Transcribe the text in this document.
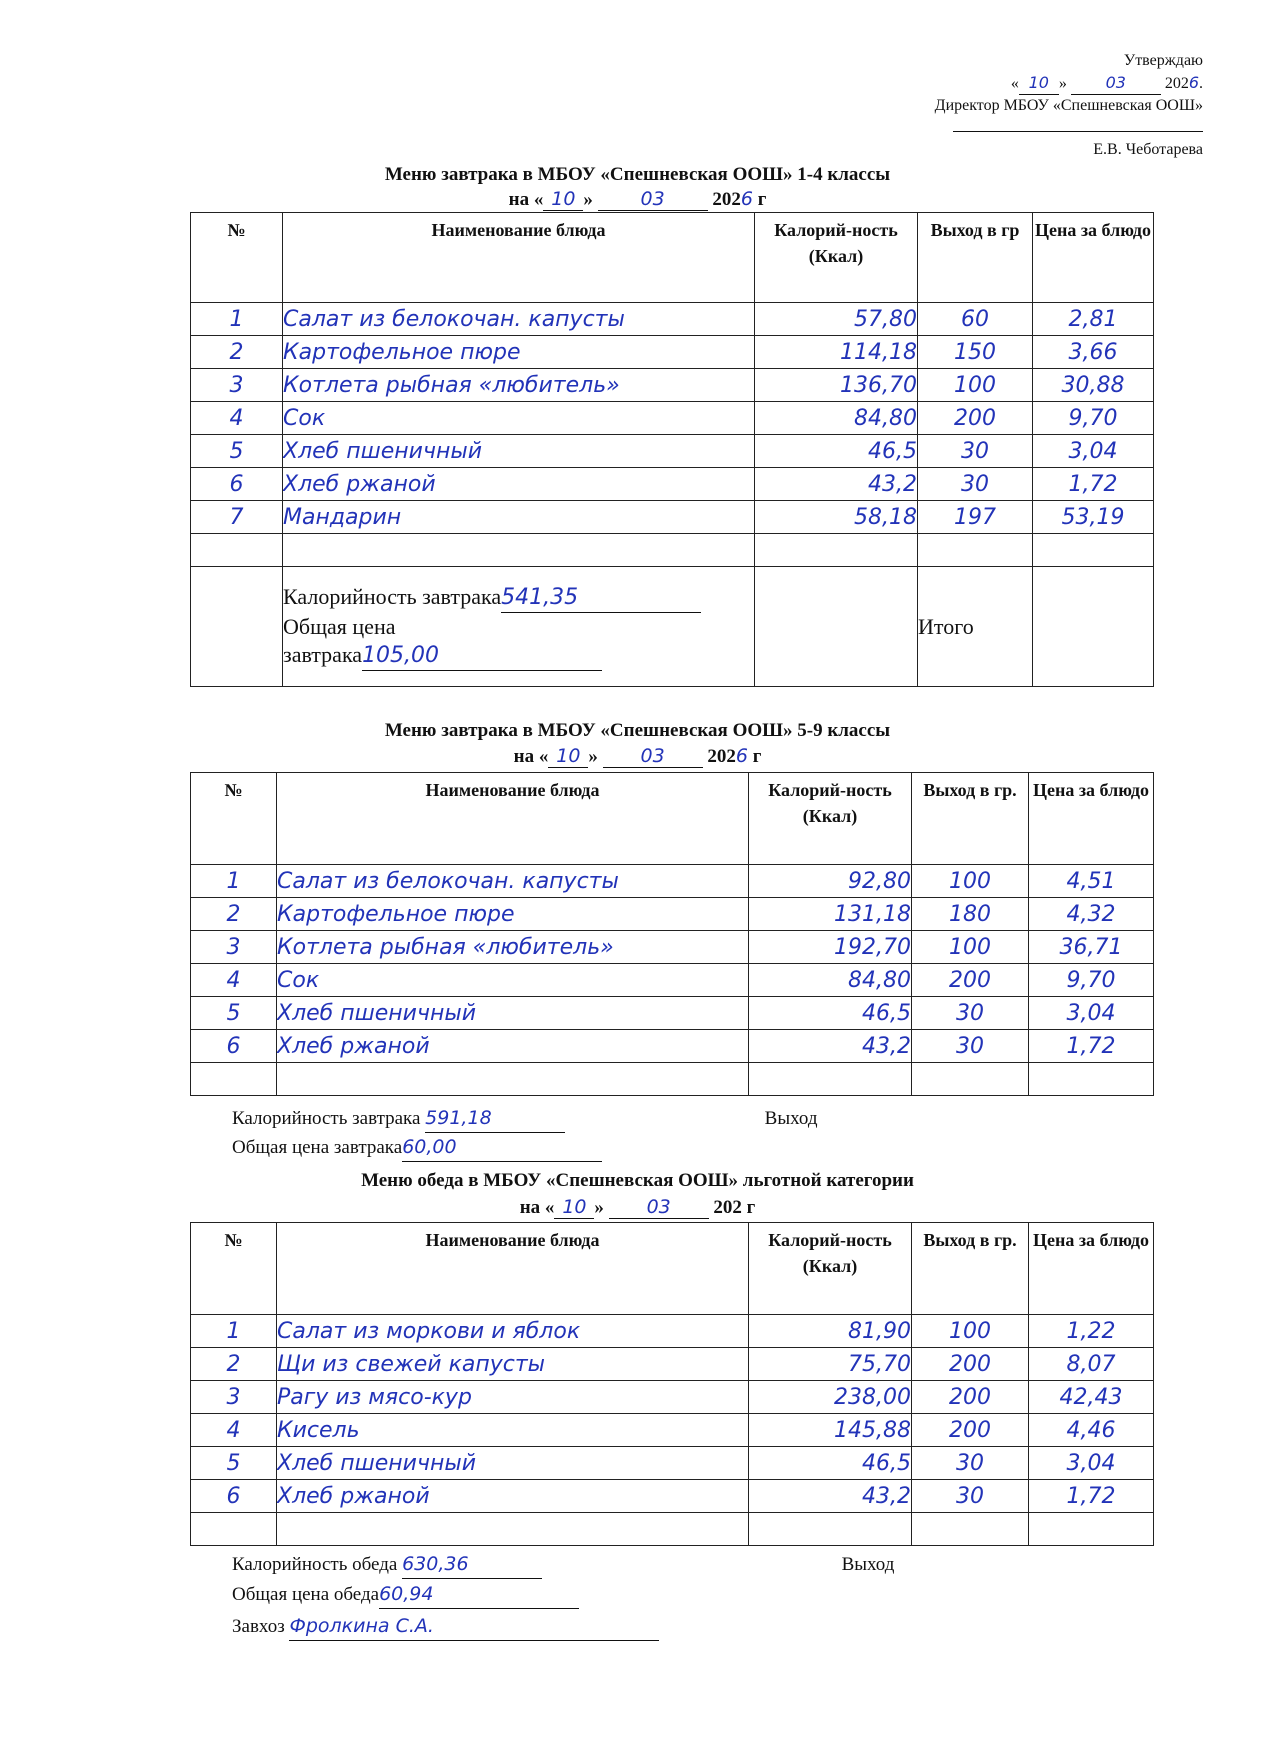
Утверждаю
« 10 » 03 2026.
Директор МБОУ «Спешневская ООШ»
Е.В. Чеботарева
Меню завтрака в МБОУ «Спешневская ООШ» 1-4 классы
на « 10 »	03	2026 г
№	Наименование блюда	Калорий-ность (Ккал)	Выход в гр	Цена за блюдо
1	Салат из белокочан. капусты	57,80	60	2,81
2	Картофельное пюре	114,18	150	3,66
3	Котлета рыбная «любитель»	136,70	100	30,88
4	Сок	84,80	200	9,70
5	Хлеб пшеничный	46,5	30	3,04
6	Хлеб ржаной	43,2	30	1,72
7	Мандарин	58,18	197	53,19

	Калорийность завтрака541,35
Общая цена
завтрака105,00		Итого	
Меню завтрака в МБОУ «Спешневская ООШ» 5-9 классы
на « 10 » 03 2026 г
№	Наименование блюда	Калорий-ность (Ккал)	Выход в гр.	Цена за блюдо
1	Салат из белокочан. капусты	92,80	100	4,51
2	Картофельное пюре	131,18	180	4,32
3	Котлета рыбная «любитель»	192,70	100	36,71
4	Сок	84,80	200	9,70
5	Хлеб пшеничный	46,5	30	3,04
6	Хлеб ржаной	43,2	30	1,72

Калорийность завтрака 591,18	Выход
Общая цена завтрака60,00
Меню обеда в МБОУ «Спешневская ООШ» льготной категории
на « 10 » 03 202 г
№	Наименование блюда	Калорий-ность (Ккал)	Выход в гр.	Цена за блюдо
1	Салат из моркови и яблок	81,90	100	1,22
2	Щи из свежей капусты	75,70	200	8,07
3	Рагу из мясо-кур	238,00	200	42,43
4	Кисель	145,88	200	4,46
5	Хлеб пшеничный	46,5	30	3,04
6	Хлеб ржаной	43,2	30	1,72

Калорийность обеда 630,36	Выход
Общая цена обеда60,94
Завхоз Фролкина С.А.
